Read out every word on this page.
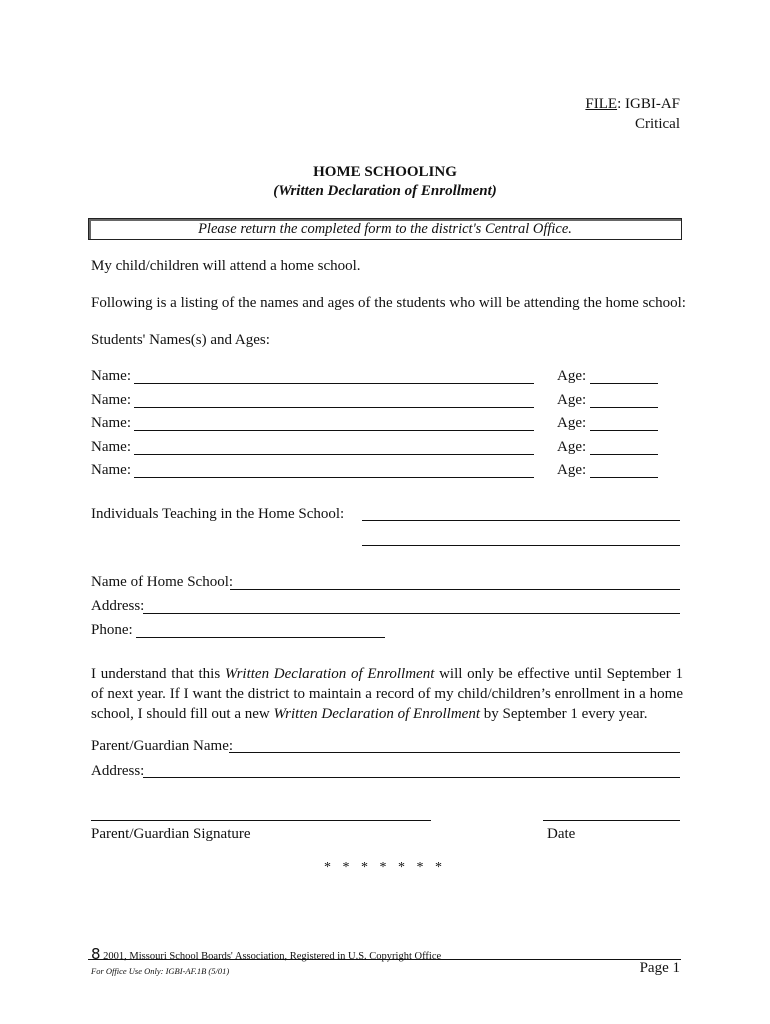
FILE: IGBI-AF
Critical
HOME SCHOOLING
(Written Declaration of Enrollment)
Please return the completed form to the district's Central Office.
My child/children will attend a home school.
Following is a listing of the names and ages of the students who will be attending the home school:
Students' Names(s) and Ages:
Name:	Age:
Name:	Age:
Name:	Age:
Name:	Age:
Name:	Age:
Individuals Teaching in the Home School:
Name of Home School:
Address:
Phone:
I understand that this Written Declaration of Enrollment will only be effective until September 1 of next year. If I want the district to maintain a record of my child/children’s enrollment in a home school, I should fill out a new Written Declaration of Enrollment by September 1 every year.
Parent/Guardian Name:
Address:
Parent/Guardian Signature	Date
* * * * * * *
8 2001, Missouri School Boards' Association, Registered in U.S. Copyright Office
For Office Use Only: IGBI-AF.1B (5/01)	Page 1
